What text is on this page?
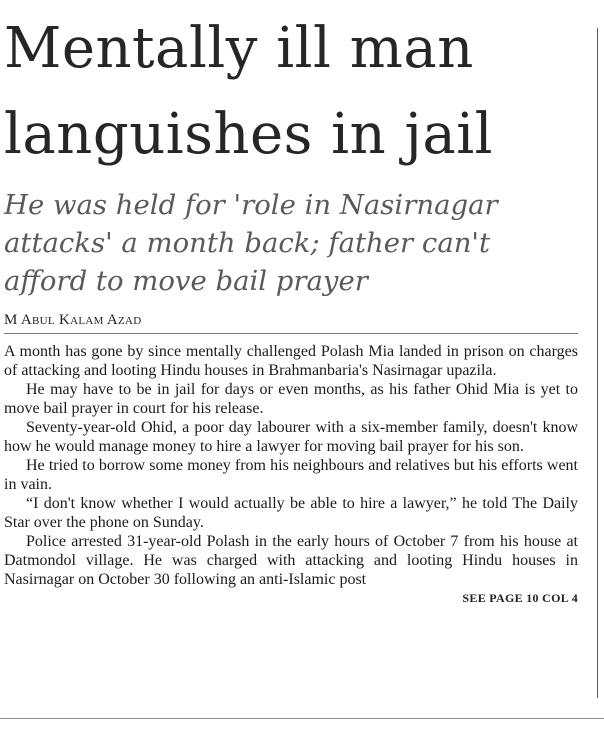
Mentally ill man
languishes in jail
He was held for 'role in Nasirnagar
attacks' a month back; father can't
afford to move bail prayer
M Abul Kalam Azad

A month has gone by since mentally challenged Polash Mia landed in prison on charges of attacking and looting Hindu houses in Brahmanbaria's Nasirnagar upazila.

He may have to be in jail for days or even months, as his father Ohid Mia is yet to move bail prayer in court for his release.

Seventy-year-old Ohid, a poor day labourer with a six-member family, doesn't know how he would manage money to hire a lawyer for moving bail prayer for his son.

He tried to borrow some money from his neighbours and relatives but his efforts went in vain.

“I don't know whether I would actually be able to hire a lawyer,” he told The Daily Star over the phone on Sunday.

Police arrested 31-year-old Polash in the early hours of October 7 from his house at Datmondol village. He was charged with attacking and looting Hindu houses in Nasirnagar on October 30 following an anti-Islamic post

SEE PAGE 10 COL 4
